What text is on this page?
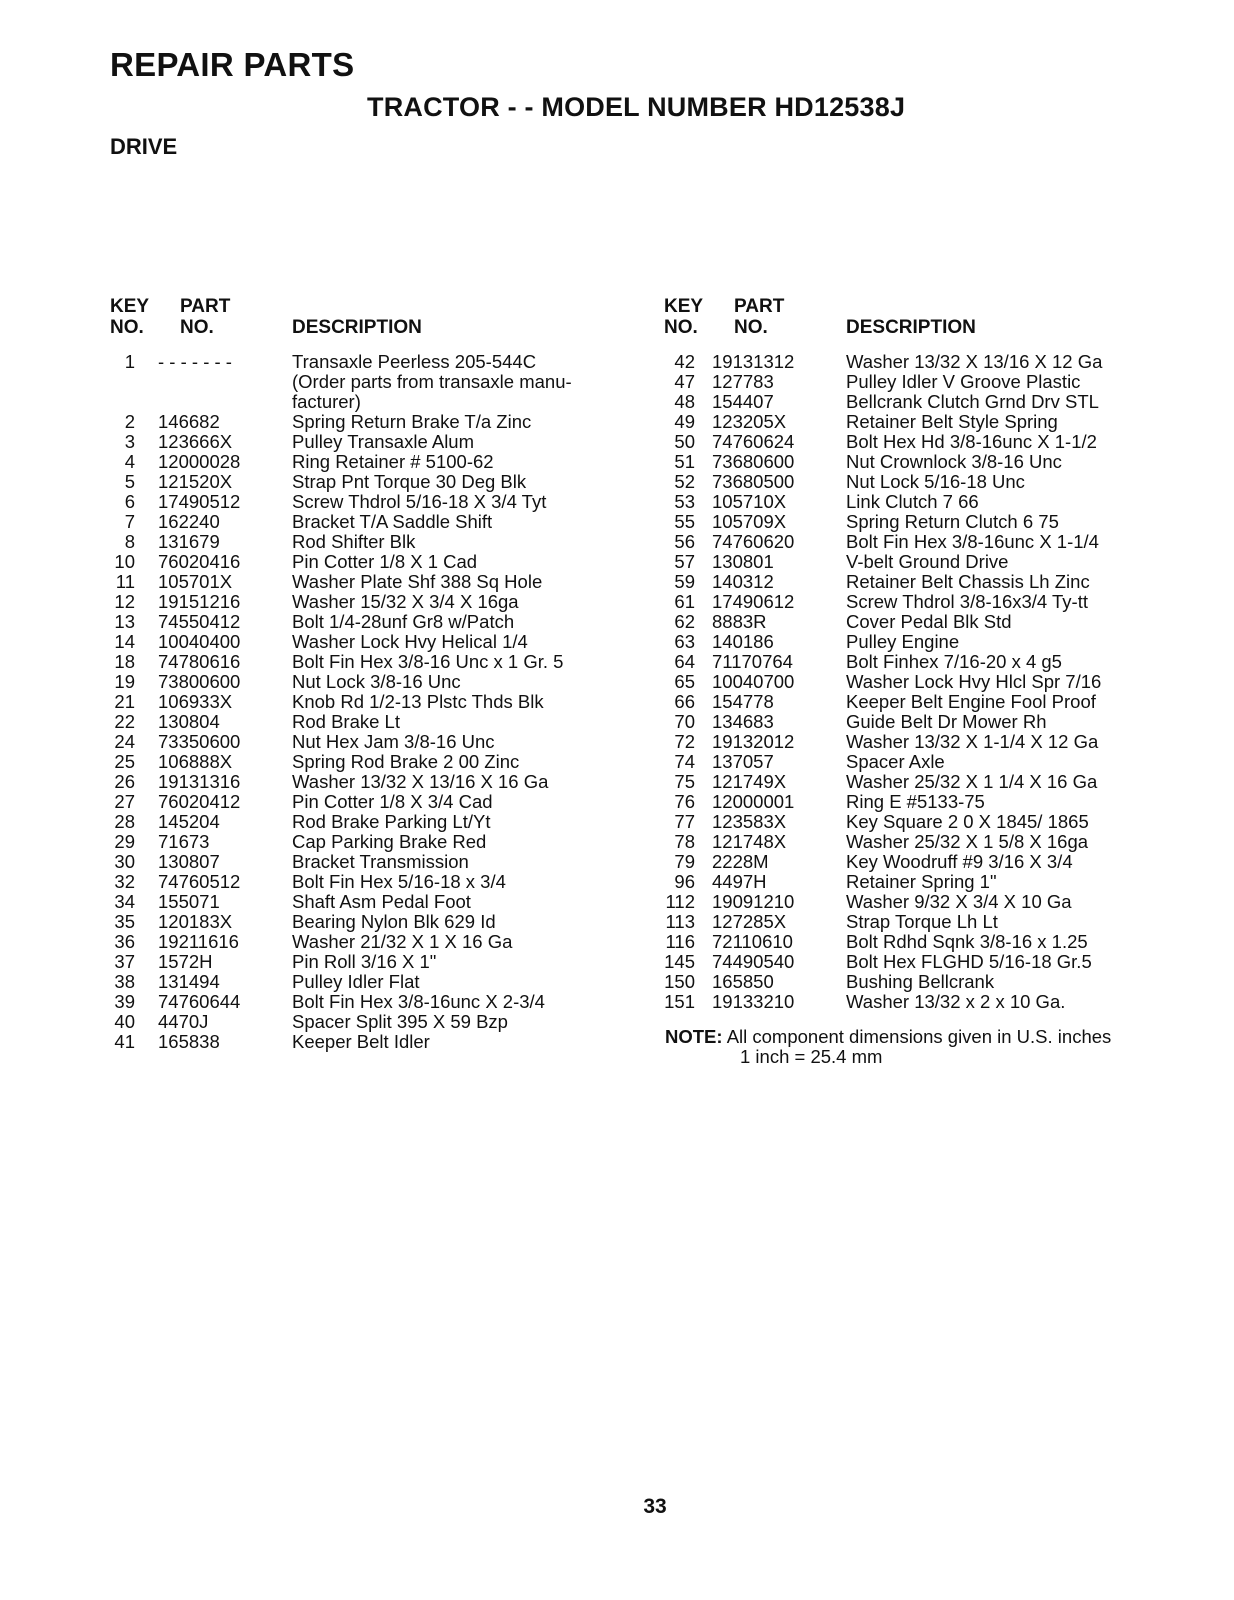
REPAIR PARTS
TRACTOR - - MODEL NUMBER HD12538J
DRIVE
KEY
NO.
PART
NO.	DESCRIPTION
KEY
NO.
PART
NO.	DESCRIPTION
1 - - - - - - -	Transaxle Peerless 205-544C
(Order parts from transaxle manu-
facturer)
2 146682	Spring Return Brake T/a Zinc
3 123666X	Pulley Transaxle Alum
4 12000028	Ring Retainer # 5100-62
5 121520X	Strap Pnt Torque 30 Deg Blk
6 17490512	Screw Thdrol 5/16-18 X 3/4 Tyt
7 162240	Bracket T/A Saddle Shift
8 131679	Rod Shifter Blk
10 76020416	Pin Cotter 1/8 X 1 Cad
11 105701X	Washer Plate Shf 388 Sq Hole
12 19151216	Washer 15/32 X 3/4 X 16ga
13 74550412	Bolt 1/4-28unf Gr8 w/Patch
14 10040400	Washer Lock Hvy Helical 1/4
18 74780616	Bolt Fin Hex 3/8-16 Unc x 1 Gr. 5
19 73800600	Nut Lock 3/8-16 Unc
21 106933X	Knob Rd 1/2-13 Plstc Thds Blk
22 130804	Rod Brake Lt
24 73350600	Nut Hex Jam 3/8-16 Unc
25 106888X	Spring Rod Brake 2 00 Zinc
26 19131316	Washer 13/32 X 13/16 X 16 Ga
27 76020412	Pin Cotter 1/8 X 3/4 Cad
28 145204	Rod Brake Parking Lt/Yt
29 71673	Cap Parking Brake Red
30 130807	Bracket Transmission
32 74760512	Bolt Fin Hex 5/16-18 x 3/4
34 155071	Shaft Asm Pedal Foot
35 120183X	Bearing Nylon Blk 629 Id
36 19211616	Washer 21/32 X 1 X 16 Ga
37 1572H	Pin Roll 3/16 X 1"
38 131494	Pulley Idler Flat
39 74760644	Bolt Fin Hex 3/8-16unc X 2-3/4
40 4470J	Spacer Split 395 X 59 Bzp
41 165838	Keeper Belt Idler
42 19131312	Washer 13/32 X 13/16 X 12 Ga
47 127783	Pulley Idler V Groove Plastic
48 154407	Bellcrank Clutch Grnd Drv STL
49 123205X	Retainer Belt Style Spring
50 74760624	Bolt Hex Hd 3/8-16unc X 1-1/2
51 73680600	Nut Crownlock 3/8-16 Unc
52 73680500	Nut Lock 5/16-18 Unc
53 105710X	Link Clutch 7 66
55 105709X	Spring Return Clutch 6 75
56 74760620	Bolt Fin Hex 3/8-16unc X 1-1/4
57 130801	V-belt Ground Drive
59 140312	Retainer Belt Chassis Lh Zinc
61 17490612	Screw Thdrol 3/8-16x3/4 Ty-tt
62 8883R	Cover Pedal Blk Std
63 140186	Pulley Engine
64 71170764	Bolt Finhex 7/16-20 x 4 g5
65 10040700	Washer Lock Hvy Hlcl Spr 7/16
66 154778	Keeper Belt Engine Fool Proof
70 134683	Guide Belt Dr Mower Rh
72 19132012	Washer 13/32 X 1-1/4 X 12 Ga
74 137057	Spacer Axle
75 121749X	Washer 25/32 X 1 1/4 X 16 Ga
76 12000001	Ring E #5133-75
77 123583X	Key Square 2 0 X 1845/ 1865
78 121748X	Washer 25/32 X 1 5/8 X 16ga
79 2228M	Key Woodruff #9 3/16 X 3/4
96 4497H	Retainer Spring 1"
112 19091210	Washer 9/32 X 3/4 X 10 Ga
113 127285X	Strap Torque Lh Lt
116 72110610	Bolt Rdhd Sqnk 3/8-16 x 1.25
145 74490540	Bolt Hex FLGHD 5/16-18 Gr.5
150 165850	Bushing Bellcrank
151 19133210	Washer 13/32 x 2 x 10 Ga.
NOTE: All component dimensions given in U.S. inches
1 inch = 25.4 mm
33
